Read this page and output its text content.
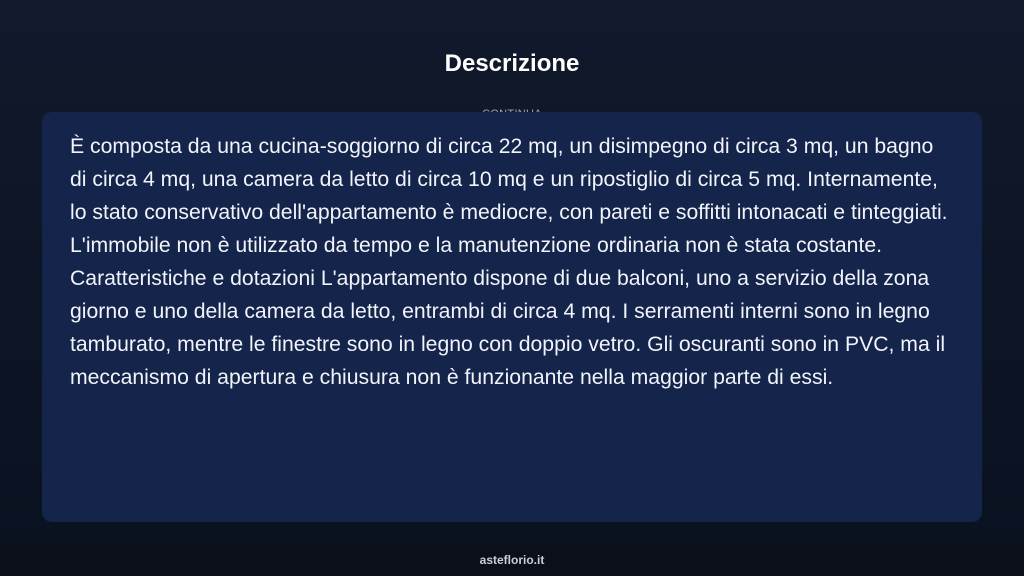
Descrizione

È composta da una cucina-soggiorno di circa 22 mq, un disimpegno di circa 3 mq, un bagno di circa 4 mq, una camera da letto di circa 10 mq e un ripostiglio di circa 5 mq. Internamente, lo stato conservativo dell'appartamento è mediocre, con pareti e soffitti intonacati e tinteggiati. L'immobile non è utilizzato da tempo e la manutenzione ordinaria non è stata costante. Caratteristiche e dotazioni L'appartamento dispone di due balconi, uno a servizio della zona giorno e uno della camera da letto, entrambi di circa 4 mq. I serramenti interni sono in legno tamburato, mentre le finestre sono in legno con doppio vetro. Gli oscuranti sono in PVC, ma il meccanismo di apertura e chiusura non è funzionante nella maggior parte di essi.

asteflorio.it
